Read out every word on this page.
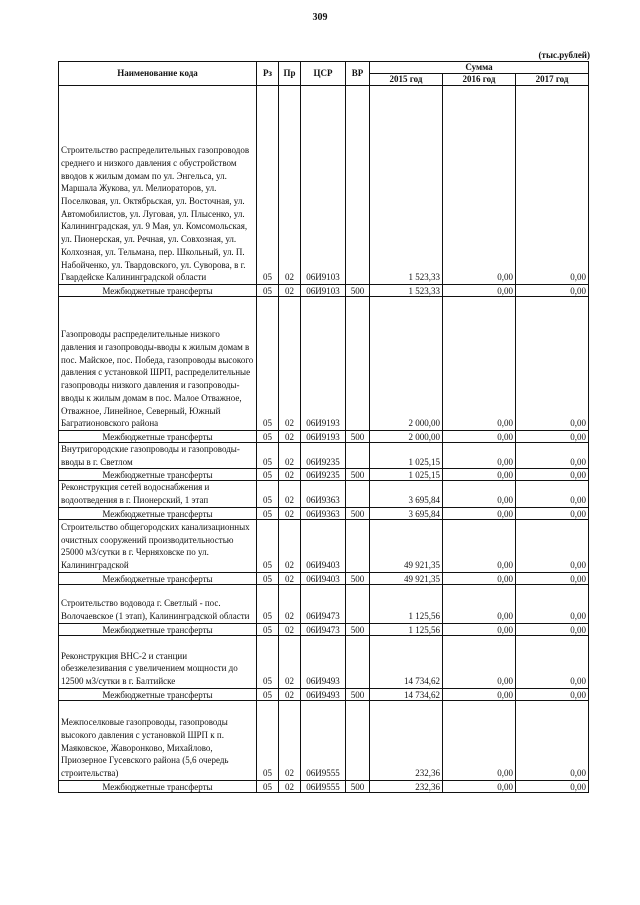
309
(тыс.рублей)
Наименование кода	Рз	Пр	ЦСР	ВР	Сумма		
					2015 год	2016 год	2017 год

Строительство распределительных газопроводов среднего и низкого давления с обустройством вводов к жилым домам по ул. Энгельса, ул. Маршала Жукова, ул. Мелиораторов, ул. Поселковая, ул. Октябрьская, ул. Восточная, ул. Автомобилистов, ул. Луговая, ул. Плысенко, ул. Калининградская, ул. 9 Мая, ул. Комсомольская, ул. Пионерская, ул. Речная, ул. Совхозная, ул. Колхозная, ул. Тельмана, пер. Школьный, ул. П. Набойченко, ул. Твардовского, ул. Суворова, в г. Гвардейске Калининградской области	05	02	06И9103		1 523,33	0,00	0,00

Межбюджетные трансферты	05	02	06И9103	500	1 523,33	0,00	0,00

Газопроводы распределительные низкого давления и газопроводы-вводы к жилым домам в пос. Майское, пос. Победа, газопроводы высокого давления с установкой ШРП, распределительные газопроводы низкого давления и газопроводы-вводы к жилым домам в пос. Малое Отважное, Отважное, Линейное, Северный, Южный Багратионовского района	05	02	06И9193		2 000,00	0,00	0,00

Межбюджетные трансферты	05	02	06И9193	500	2 000,00	0,00	0,00

Внутригородские газопроводы и газопроводы-вводы в г. Светлом	05	02	06И9235		1 025,15	0,00	0,00

Межбюджетные трансферты	05	02	06И9235	500	1 025,15	0,00	0,00

Реконструкция сетей водоснабжения и водоотведения в г. Пионерский, 1 этап	05	02	06И9363		3 695,84	0,00	0,00

Межбюджетные трансферты	05	02	06И9363	500	3 695,84	0,00	0,00

Строительство общегородских канализационных очистных сооружений производительностью 25000 м3/сутки в г. Черняховске по ул. Калининградской	05	02	06И9403		49 921,35	0,00	0,00

Межбюджетные трансферты	05	02	06И9403	500	49 921,35	0,00	0,00

Строительство водовода г. Светлый - пос. Волочаевское (1 этап), Калининградской области	05	02	06И9473		1 125,56	0,00	0,00

Межбюджетные трансферты	05	02	06И9473	500	1 125,56	0,00	0,00

Реконструкция ВНС-2 и станции обезжелезивания с увеличением мощности до 12500 м3/сутки в г. Балтийске	05	02	06И9493		14 734,62	0,00	0,00

Межбюджетные трансферты	05	02	06И9493	500	14 734,62	0,00	0,00

Межпоселковые газопроводы, газопроводы высокого давления с установкой ШРП к п. Маяковское, Жаворонково, Михайлово, Приозерное Гусевского района (5,6 очередь строительства)	05	02	06И9555		232,36	0,00	0,00

Межбюджетные трансферты	05	02	06И9555	500	232,36	0,00	0,00
